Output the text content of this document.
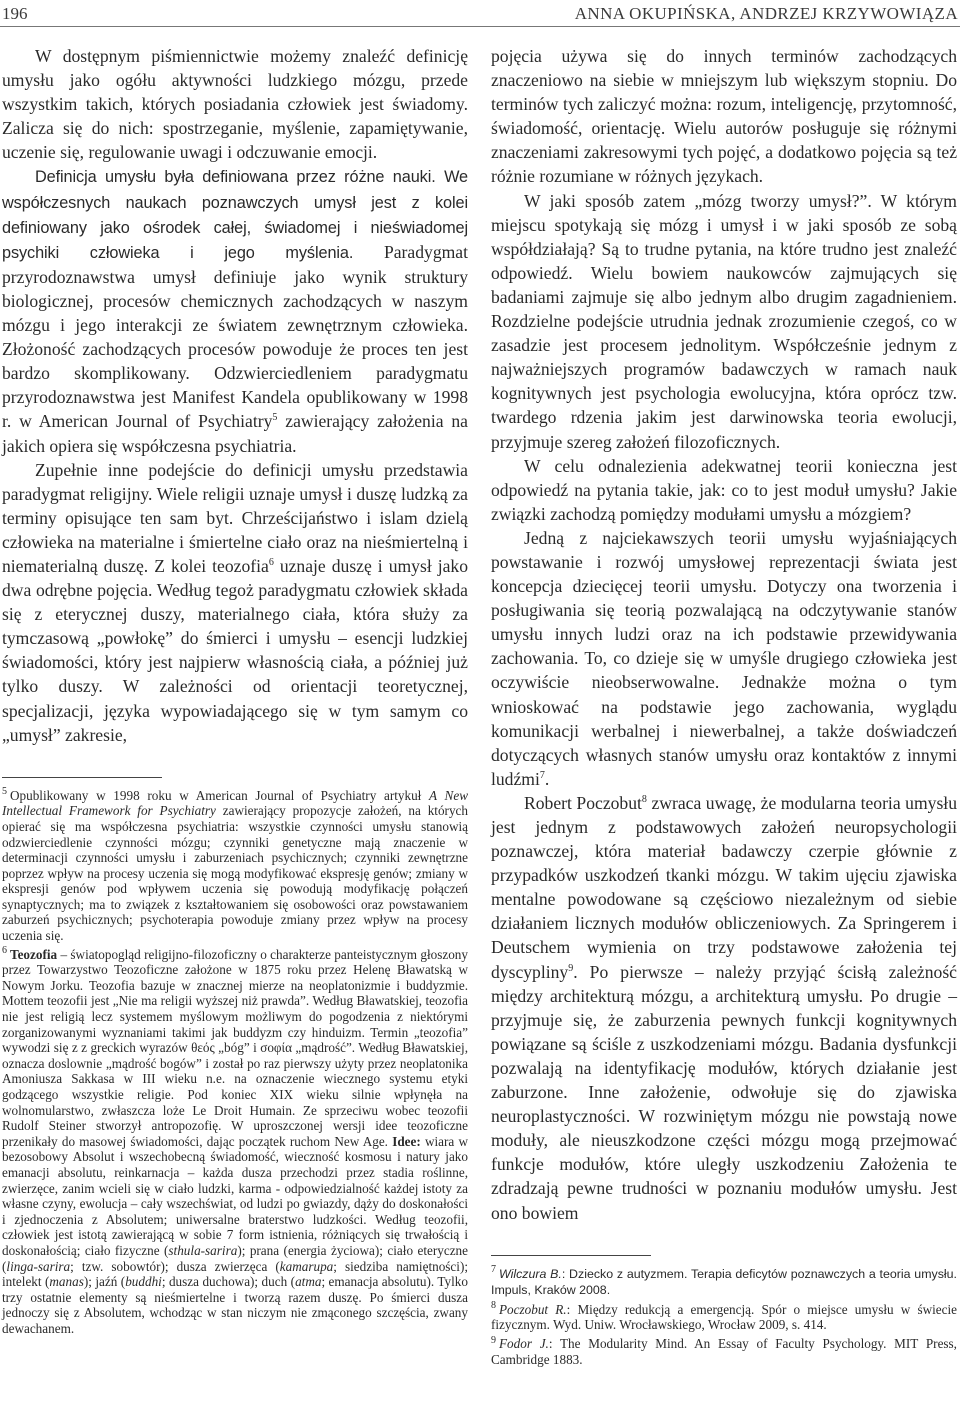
196	ANNA OKUPIŃSKA, ANDRZEJ KRZYWOWIĄZA

W dostępnym piśmiennictwie możemy znaleźć definicję umysłu jako ogółu aktywności ludzkiego mózgu, przede wszystkim takich, których posiadania człowiek jest świadomy. Zalicza się do nich: spostrzeganie, myślenie, zapamiętywanie, uczenie się, regulowanie uwagi i odczuwanie emocji.

Definicja umysłu była definiowana przez różne nauki. We współczesnych naukach poznawczych umysł jest z kolei definiowany jako ośrodek całej, świadomej i nieświadomej psychiki człowieka i jego myślenia. Paradygmat przyrodoznawstwa umysł definiuje jako wynik struktury biologicznej, procesów chemicznych zachodzących w naszym mózgu i jego interakcji ze światem zewnętrznym człowieka. Złożoność zachodzących procesów powoduje że proces ten jest bardzo skomplikowany. Odzwierciedleniem paradygmatu przyrodoznawstwa jest Manifest Kandela opublikowany w 1998 r. w American Journal of Psychiatry$^5$ zawierający założenia na jakich opiera się współczesna psychiatria.

Zupełnie inne podejście do definicji umysłu przedstawia paradygmat religijny. Wiele religii uznaje umysł i duszę ludzką za terminy opisujące ten sam byt. Chrześcijaństwo i islam dzielą człowieka na materialne i śmiertelne ciało oraz na nieśmiertelną i niematerialną duszę. Z kolei teozofia$^6$ uznaje duszę i umysł jako dwa odrębne pojęcia. Według tegoż paradygmatu człowiek składa się z eterycznej duszy, materialnego ciała, która służy za tymczasową „powłokę” do śmierci i umysłu – esencji ludzkiej świadomości, który jest najpierw własnością ciała, a później już tylko duszy. W zależności od orientacji teoretycznej, specjalizacji, języka wypowiadającego się w tym samym co „umysł” zakresie,

$^5$ Opublikowany w 1998 roku w American Journal of Psychiatry artykuł A New Intellectual Framework for Psychiatry zawierający propozycje założeń, na których opierać się ma współczesna psychiatria: wszystkie czynności umysłu stanowią odzwierciedlenie czynności mózgu; czynniki genetyczne mają znaczenie w determinacji czynności umysłu i zaburzeniach psychicznych; czynniki zewnętrzne poprzez wpływ na procesy uczenia się mogą modyfikować ekspresję genów; zmiany w ekspresji genów pod wpływem uczenia się powodują modyfikację połączeń synaptycznych; ma to związek z kształtowaniem się osobowości oraz powstawaniem zaburzeń psychicznych; psychoterapia powoduje zmiany przez wpływ na procesy uczenia się.

$^6$ Teozofia – światopogląd religijno-filozoficzny o charakterze panteistycznym głoszony przez Towarzystwo Teozoficzne założone w 1875 roku przez Helenę Bławatską w Nowym Jorku. Teozofia bazuje w znacznej mierze na neoplatonizmie i buddyzmie. Mottem teozofii jest „Nie ma religii wyższej niż prawda”. Według Bławatskiej, teozofia nie jest religią lecz systemem myślowym możliwym do pogodzenia z niektórymi zorganizowanymi wyznaniami takimi jak buddyzm czy hinduizm. Termin „teozofia” wywodzi się z z greckich wyrazów θεός „bóg” i σοφία „mądrość”. Według Bławatskiej, oznacza doslownie „mądrość bogów” i został po raz pierwszy użyty przez neoplatonika Amoniusza Sakkasa w III wieku n.e. na oznaczenie wiecznego systemu etyki godzącego wszystkie religie. Pod koniec XIX wieku silnie wpłynęła na wolnomularstwo, zwłaszcza loże Le Droit Humain. Ze sprzeciwu wobec teozofii Rudolf Steiner stworzył antropozofię. W uproszczonej wersji idee teozoficzne przenikały do masowej świadomości, dając początek ruchom New Age. Idee: wiara w bezosobowy Absolut i wszechobecną świadomość, wieczność kosmosu i natury jako emanacji absolutu, reinkarnacja – każda dusza przechodzi przez stadia roślinne, zwierzęce, zanim wcieli się w ciało ludzki, karma - odpowiedzialność każdej istoty za własne czyny, ewolucja – cały wszechświat, od ludzi po gwiazdy, dąży do doskonałości i zjednoczenia z Absolutem; uniwersalne braterstwo ludzkości. Według teozofii, człowiek jest istotą zawierającą w sobie 7 form istnienia, różniących się trwałością i doskonałością; ciało fizyczne (sthula-sarira); prana (energia życiowa); ciało eteryczne (linga-sarira; tzw. sobowtór); dusza zwierzęca (kamarupa; siedziba namiętności); intelekt (manas); jaźń (buddhi; dusza duchowa); duch (atma; emanacja absolutu). Tylko trzy ostatnie elementy są nieśmiertelne i tworzą razem duszę. Po śmierci dusza jednoczy się z Absolutem, wchodząc w stan niczym nie zmąconego szczęścia, zwany dewachanem.

pojęcia używa się do innych terminów zachodzących znaczeniowo na siebie w mniejszym lub większym stopniu. Do terminów tych zaliczyć można: rozum, inteligencję, przytomność, świadomość, orientację. Wielu autorów posługuje się różnymi znaczeniami zakresowymi tych pojęć, a dodatkowo pojęcia są też różnie rozumiane w różnych językach.

W jaki sposób zatem „mózg tworzy umysł?”. W którym miejscu spotykają się mózg i umysł i w jaki sposób ze sobą współdziałają? Są to trudne pytania, na które trudno jest znaleźć odpowiedź. Wielu bowiem naukowców zajmujących się badaniami zajmuje się albo jednym albo drugim zagadnieniem. Rozdzielne podejście utrudnia jednak zrozumienie czegoś, co w zasadzie jest procesem jednolitym. Współcześnie jednym z najważniejszych programów badawczych w ramach nauk kognitywnych jest psychologia ewolucyjna, która oprócz tzw. twardego rdzenia jakim jest darwinowska teoria ewolucji, przyjmuje szereg założeń filozoficznych.

W celu odnalezienia adekwatnej teorii konieczna jest odpowiedź na pytania takie, jak: co to jest moduł umysłu? Jakie związki zachodzą pomiędzy modułami umysłu a mózgiem?

Jedną z najciekawszych teorii umysłu wyjaśniających powstawanie i rozwój umysłowej reprezentacji świata jest koncepcja dziecięcej teorii umysłu. Dotyczy ona tworzenia i posługiwania się teorią pozwalającą na odczytywanie stanów umysłu innych ludzi oraz na ich podstawie przewidywania zachowania. To, co dzieje się w umyśle drugiego człowieka jest oczywiście nieobserwowalne. Jednakże można o tym wnioskować na podstawie jego zachowania, wyglądu komunikacji werbalnej i niewerbalnej, a także doświadczeń dotyczących własnych stanów umysłu oraz kontaktów z innymi ludźmi$^7$.

Robert Poczobut$^8$ zwraca uwagę, że modularna teoria umysłu jest jednym z podstawowych założeń neuropsychologii poznawczej, która materiał badawczy czerpie głównie z przypadków uszkodzeń tkanki mózgu. W takim ujęciu zjawiska mentalne powodowane są częściowo niezależnym od siebie działaniem licznych modułów obliczeniowych. Za Springerem i Deutschem wymienia on trzy podstawowe założenia tej dyscypliny$^9$. Po pierwsze – należy przyjąć ścisłą zależność między architekturą mózgu, a architekturą umysłu. Po drugie – przyjmuje się, że zaburzenia pewnych funkcji kognitywnych powiązane są ściśle z uszkodzeniami mózgu. Badania dysfunkcji pozwalają na identyfikację modułów, których działanie jest zaburzone. Inne założenie, odwołuje się do zjawiska neuroplastyczności. W rozwiniętym mózgu nie powstają nowe moduły, ale nieuszkodzone części mózgu mogą przejmować funkcje modułów, które uległy uszkodzeniu Założenia te zdradzają pewne trudności w poznaniu modułów umysłu. Jest ono bowiem

$^7$ Wilczura B.: Dziecko z autyzmem. Terapia deficytów poznawczych a teoria umysłu. Impuls, Kraków 2008.

$^8$ Poczobut R.: Między redukcją a emergencją. Spór o miejsce umysłu w świecie fizycznym. Wyd. Uniw. Wrocławskiego, Wrocław 2009, s. 414.

$^9$ Fodor J.: The Modularity Mind. An Essay of Faculty Psychology. MIT Press, Cambridge 1883.
